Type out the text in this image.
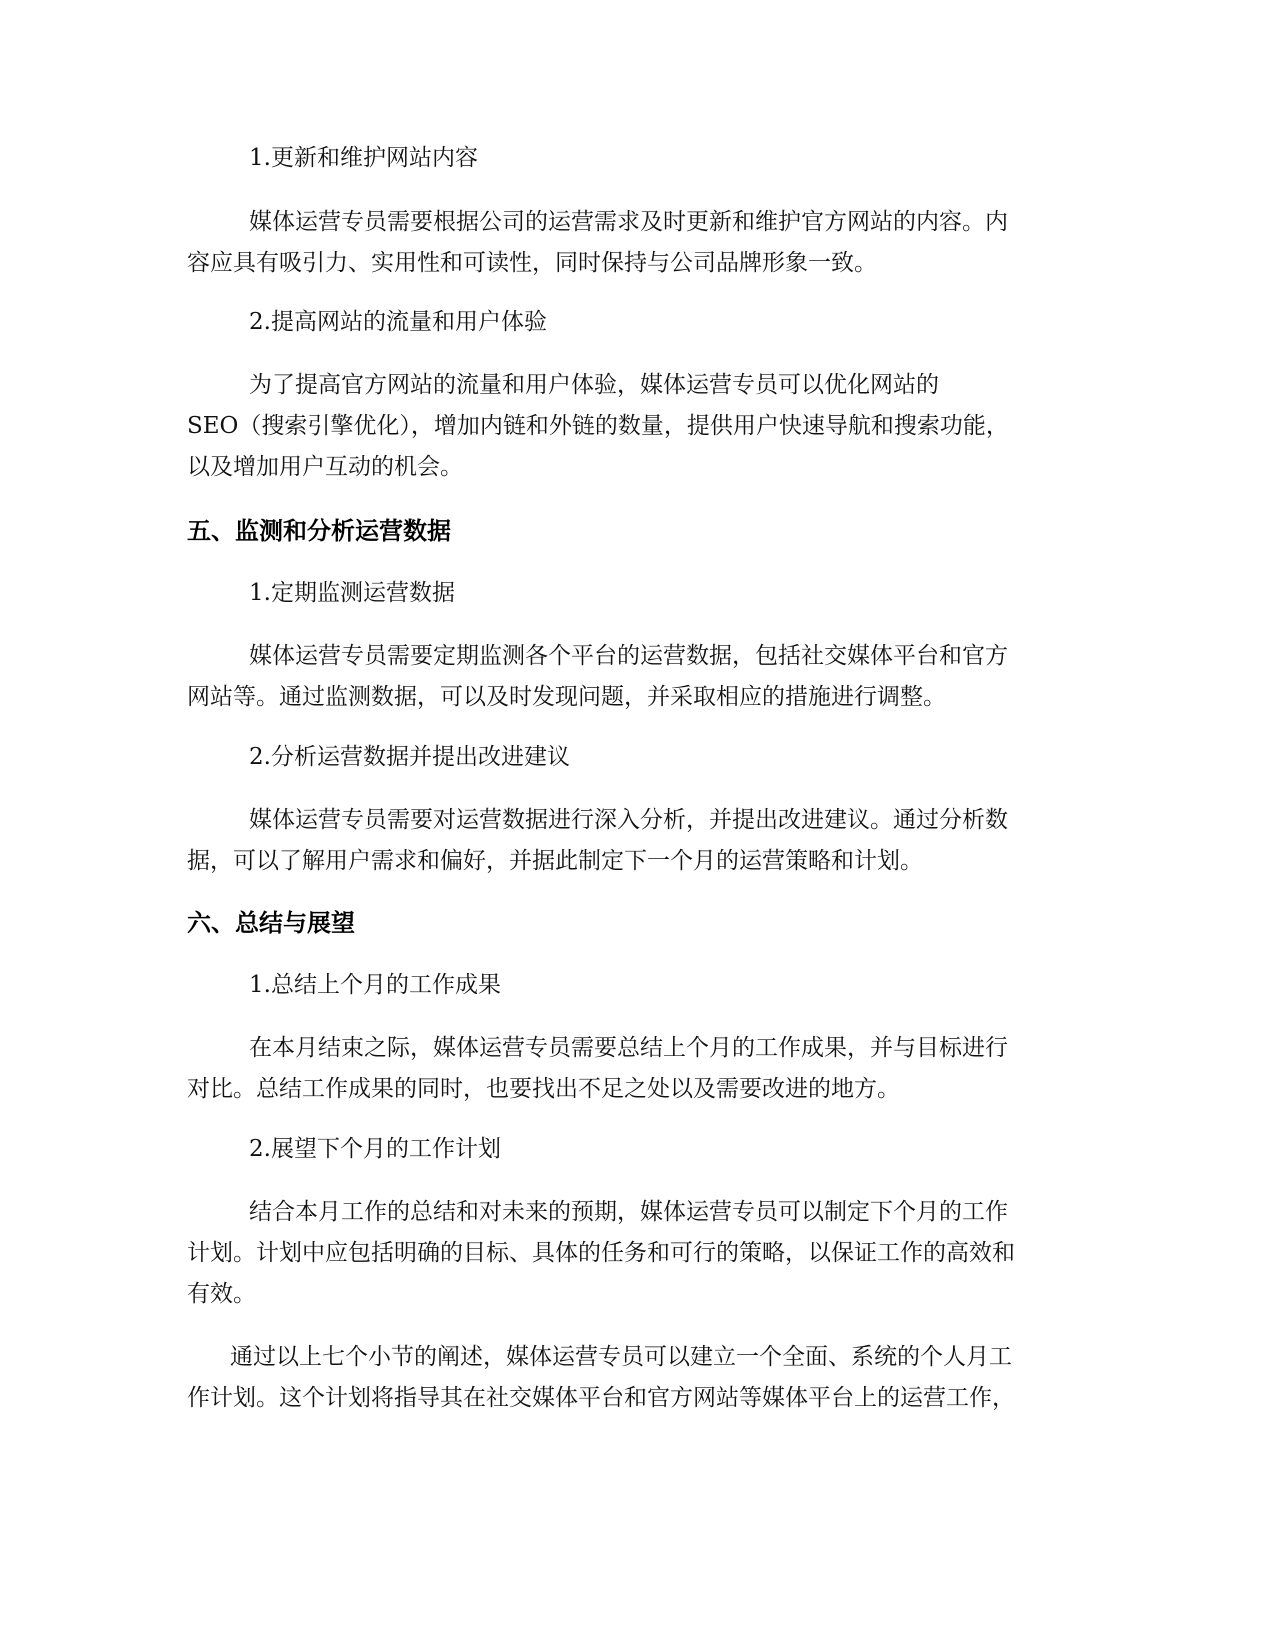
1.更新和维护网站内容
媒体运营专员需要根据公司的运营需求及时更新和维护官方网站的内容。内
容应具有吸引力、实用性和可读性，同时保持与公司品牌形象一致。
2.提高网站的流量和用户体验
为了提高官方网站的流量和用户体验，媒体运营专员可以优化网站的
SEO（搜索引擎优化），增加内链和外链的数量，提供用户快速导航和搜索功能，
以及增加用户互动的机会。
五、监测和分析运营数据
1.定期监测运营数据
媒体运营专员需要定期监测各个平台的运营数据，包括社交媒体平台和官方
网站等。通过监测数据，可以及时发现问题，并采取相应的措施进行调整。
2.分析运营数据并提出改进建议
媒体运营专员需要对运营数据进行深入分析，并提出改进建议。通过分析数
据，可以了解用户需求和偏好，并据此制定下一个月的运营策略和计划。
六、总结与展望
1.总结上个月的工作成果
在本月结束之际，媒体运营专员需要总结上个月的工作成果，并与目标进行
对比。总结工作成果的同时，也要找出不足之处以及需要改进的地方。
2.展望下个月的工作计划
结合本月工作的总结和对未来的预期，媒体运营专员可以制定下个月的工作
计划。计划中应包括明确的目标、具体的任务和可行的策略，以保证工作的高效和
有效。
通过以上七个小节的阐述，媒体运营专员可以建立一个全面、系统的个人月工
作计划。这个计划将指导其在社交媒体平台和官方网站等媒体平台上的运营工作，
